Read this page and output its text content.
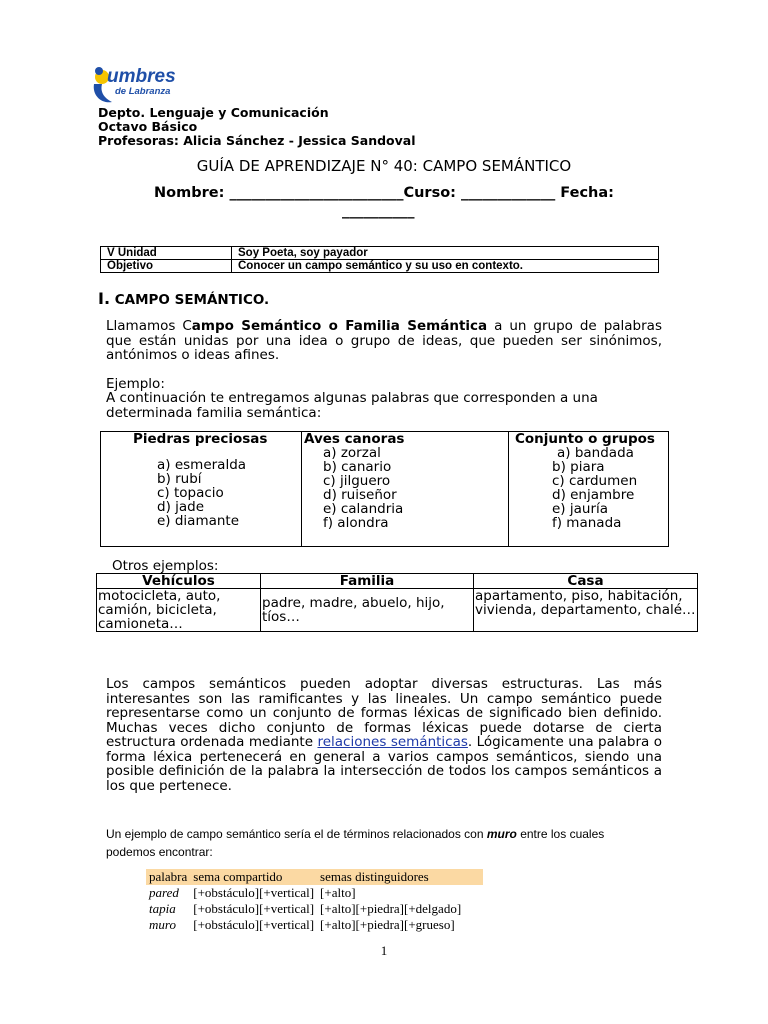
umbres
de Labranza
Depto. Lenguaje y Comunicación
Octavo Básico
Profesoras: Alicia Sánchez - Jessica Sandoval
GUÍA DE APRENDIZAJE N° 40: CAMPO SEMÁNTICO
Nombre: ________________________Curso: _____________ Fecha:
__________
V Unidad	Soy Poeta, soy payador
Objetivo	Conocer un campo semántico y su uso en contexto.
I. CAMPO SEMÁNTICO.
Llamamos Campo Semántico o Familia Semántica a un grupo de palabras que están unidas por una idea o grupo de ideas, que pueden ser sinónimos, antónimos o ideas afines.
Ejemplo:
A continuación te entregamos algunas palabras que corresponden a una determinada familia semántica:
Piedras preciosas
a) esmeralda
b) rubí
c) topacio
d) jade
e) diamante

Aves canoras
a) zorzal
b) canario
c) jilguero
d) ruiseñor
e) calandria
f) alondra

Conjunto o grupos
a) bandada
b) piara
c) cardumen
d) enjambre
e) jauría
f) manada
Otros ejemplos:
Vehículos	Familia	Casa
motocicleta, auto, camión, bicicleta, camioneta…	padre, madre, abuelo, hijo, tíos…	apartamento, piso, habitación, vivienda, departamento, chalé…
Los campos semánticos pueden adoptar diversas estructuras. Las más interesantes son las ramificantes y las lineales. Un campo semántico puede representarse como un conjunto de formas léxicas de significado bien definido. Muchas veces dicho conjunto de formas léxicas puede dotarse de cierta estructura ordenada mediante relaciones semánticas. Lógicamente una palabra o forma léxica pertenecerá en general a varios campos semánticos, siendo una posible definición de la palabra la intersección de todos los campos semánticos a los que pertenece.
Un ejemplo de campo semántico sería el de términos relacionados con muro entre los cuales podemos encontrar:
palabra	sema compartido	semas distinguidores
pared	[+obstáculo][+vertical]	[+alto]
tapia	[+obstáculo][+vertical]	[+alto][+piedra][+delgado]
muro	[+obstáculo][+vertical]	[+alto][+piedra][+grueso]
1
